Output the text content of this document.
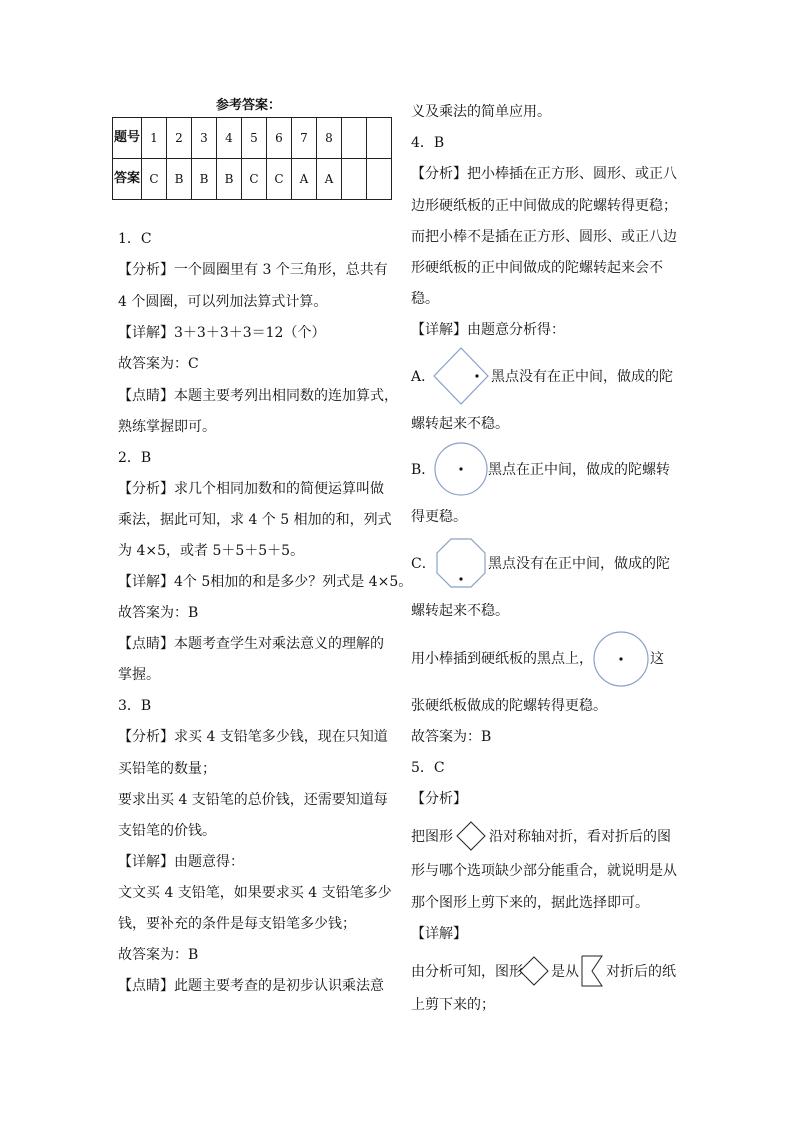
参考答案：
题号	1	2	3	4	5	6	7	8		
答案	C	B	B	B	C	C	A	A		
1．C
【分析】一个圆圈里有 3 个三角形，总共有
4 个圆圈，可以列加法算式计算。
【详解】3＋3＋3＋3＝12（个）
故答案为：C
【点睛】本题主要考列出相同数的连加算式，
熟练掌握即可。
2．B
【分析】求几个相同加数和的简便运算叫做
乘法，据此可知，求 4 个 5 相加的和，列式
为 4×5，或者 5＋5＋5＋5。
【详解】4个 5相加的和是多少？列式是 4×5。
故答案为：B
【点睛】本题考查学生对乘法意义的理解的
掌握。
3．B
【分析】求买 4 支铅笔多少钱，现在只知道
买铅笔的数量；
要求出买 4 支铅笔的总价钱，还需要知道每
支铅笔的价钱。
【详解】由题意得：
文文买 4 支铅笔，如果要求买 4 支铅笔多少
钱，要补充的条件是每支铅笔多少钱；
故答案为：B
【点睛】此题主要考查的是初步认识乘法意
义及乘法的简单应用。
4．B
【分析】把小棒插在正方形、圆形、或正八
边形硬纸板的正中间做成的陀螺转得更稳；
而把小棒不是插在正方形、圆形、或正八边
形硬纸板的正中间做成的陀螺转起来会不
稳。
【详解】由题意分析得：
A．	黑点没有在正中间，做成的陀
螺转起来不稳。
B．	黑点在正中间，做成的陀螺转
得更稳。
C．	黑点没有在正中间，做成的陀
螺转起来不稳。
用小棒插到硬纸板的黑点上，	这
张硬纸板做成的陀螺转得更稳。
故答案为：B
5．C
【分析】
把图形	沿对称轴对折，看对折后的图
形与哪个选项缺少部分能重合，就说明是从
那个图形上剪下来的，据此选择即可。
【详解】
由分析可知，图形 是从 对折后的纸
上剪下来的；
